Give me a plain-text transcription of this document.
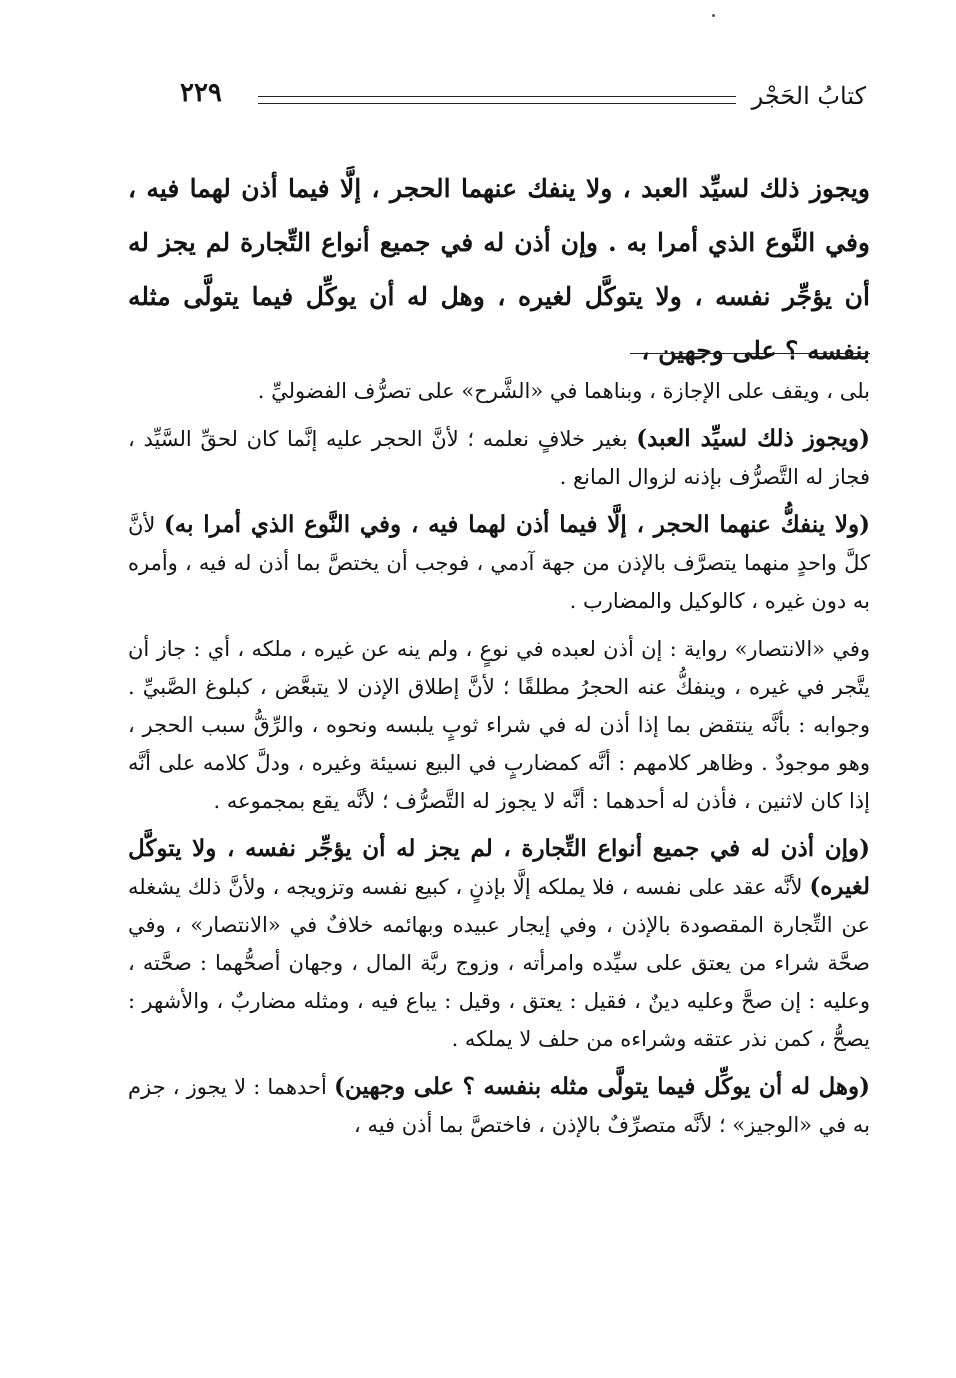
كتابُ الحَجْر
٢٢٩
ويجوز ذلك لسيِّد العبد ، ولا ينفك عنهما الحجر ، إلَّا فيما أذن لهما فيه ، وفي النَّوع الذي أمرا به . وإن أذن له في جميع أنواع التِّجارة لم يجز له أن يؤجِّر نفسه ، ولا يتوكَّل لغيره ، وهل له أن يوكِّل فيما يتولَّى مثله بنفسه ؟ على وجهين ،

بلى ، ويقف على الإجازة ، وبناهما في «الشَّرح» على تصرُّف الفضوليِّ .

(ويجوز ذلك لسيِّد العبد) بغير خلافٍ نعلمه ؛ لأنَّ الحجر عليه إنَّما كان لحقِّ السَّيِّد ، فجاز له التَّصرُّف بإذنه لزوال المانع .

(ولا ينفكُّ عنهما الحجر ، إلَّا فيما أذن لهما فيه ، وفي النَّوع الذي أمرا به) لأنَّ كلَّ واحدٍ منهما يتصرَّف بالإذن من جهة آدمي ، فوجب أن يختصَّ بما أذن له فيه ، وأمره به دون غيره ، كالوكيل والمضارب .

وفي «الانتصار» رواية : إن أذن لعبده في نوعٍ ، ولم ينه عن غيره ، ملكه ، أي : جاز أن يتَّجر في غيره ، وينفكُّ عنه الحجرُ مطلقًا ؛ لأنَّ إطلاق الإذن لا يتبعَّض ، كبلوغ الصَّبيِّ . وجوابه : بأنَّه ينتقض بما إذا أذن له في شراء ثوبٍ يلبسه ونحوه ، والرِّقُّ سبب الحجر ، وهو موجودٌ . وظاهر كلامهم : أنَّه كمضاربٍ في البيع نسيئة وغيره ، ودلَّ كلامه على أنَّه إذا كان لاثنين ، فأذن له أحدهما : أنَّه لا يجوز له التَّصرُّف ؛ لأنَّه يقع بمجموعه .

(وإن أذن له في جميع أنواع التِّجارة ، لم يجز له أن يؤجِّر نفسه ، ولا يتوكَّل لغيره) لأنَّه عقد على نفسه ، فلا يملكه إلَّا بإذنٍ ، كبيع نفسه وتزويجه ، ولأنَّ ذلك يشغله عن التِّجارة المقصودة بالإذن ، وفي إيجار عبيده وبهائمه خلافٌ في «الانتصار» ، وفي صحَّة شراء من يعتق على سيِّده وامرأته ، وزوج ربَّة المال ، وجهان أصحُّهما : صحَّته ، وعليه : إن صحَّ وعليه دينٌ ، فقيل : يعتق ، وقيل : يباع فيه ، ومثله مضاربٌ ، والأشهر : يصحُّ ، كمن نذر عتقه وشراءه من حلف لا يملكه .

(وهل له أن يوكِّل فيما يتولَّى مثله بنفسه ؟ على وجهين) أحدهما : لا يجوز ، جزم به في «الوجيز» ؛ لأنَّه متصرِّفٌ بالإذن ، فاختصَّ بما أذن فيه ،
